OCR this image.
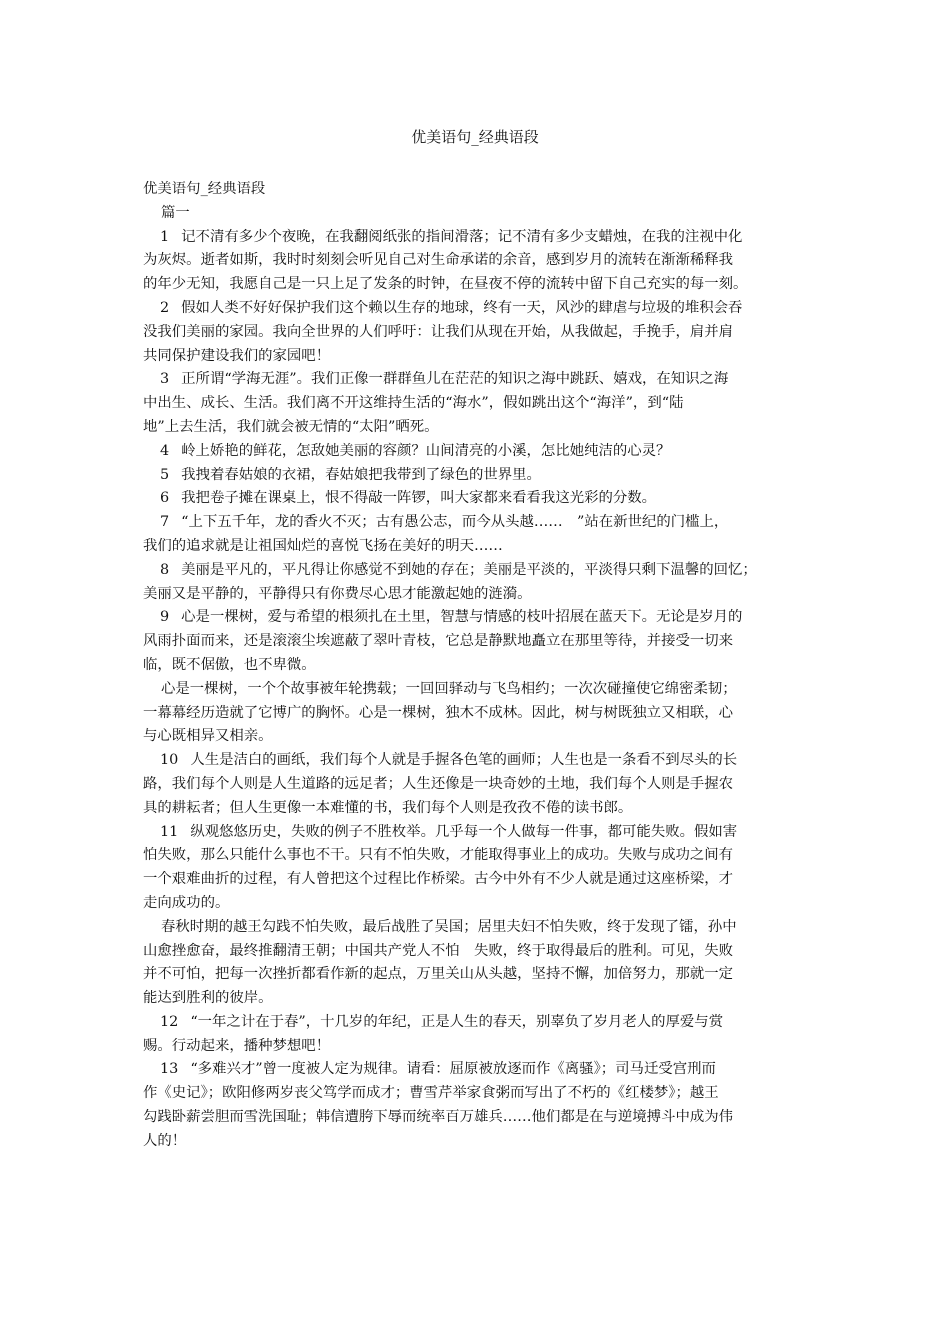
优美语句_经典语段
优美语句_经典语段
篇一
1 记不清有多少个夜晚，在我翻阅纸张的指间滑落；记不清有多少支蜡烛，在我的注视中化
为灰烬。逝者如斯，我时时刻刻会听见自己对生命承诺的余音，感到岁月的流转在渐渐稀释我
的年少无知，我愿自己是一只上足了发条的时钟，在昼夜不停的流转中留下自己充实的每一刻。
2 假如人类不好好保护我们这个赖以生存的地球，终有一天，风沙的肆虐与垃圾的堆积会吞
没我们美丽的家园。我向全世界的人们呼吁：让我们从现在开始，从我做起，手挽手，肩并肩
共同保护建设我们的家园吧！
3 正所谓“学海无涯”。我们正像一群群鱼儿在茫茫的知识之海中跳跃、嬉戏，在知识之海
中出生、成长、生活。我们离不开这维持生活的“海水”，假如跳出这个“海洋”，到“陆
地”上去生活，我们就会被无情的“太阳”晒死。
4 岭上娇艳的鲜花，怎敌她美丽的容颜？山间清亮的小溪，怎比她纯洁的心灵？
5 我拽着春姑娘的衣裙，春姑娘把我带到了绿色的世界里。
6 我把卷子摊在课桌上，恨不得敲一阵锣，叫大家都来看看我这光彩的分数。
7 “上下五千年，龙的香火不灭；古有愚公志，而今从头越……　”站在新世纪的门槛上，
我们的追求就是让祖国灿烂的喜悦飞扬在美好的明天……
8 美丽是平凡的，平凡得让你感觉不到她的存在；美丽是平淡的，平淡得只剩下温馨的回忆；
美丽又是平静的，平静得只有你费尽心思才能激起她的涟漪。
9 心是一棵树，爱与希望的根须扎在土里，智慧与情感的枝叶招展在蓝天下。无论是岁月的
风雨扑面而来，还是滚滚尘埃遮蔽了翠叶青枝，它总是静默地矗立在那里等待，并接受一切来
临，既不倨傲，也不卑微。
心是一棵树，一个个故事被年轮携载；一回回驿动与飞鸟相约；一次次碰撞使它绵密柔韧；
一幕幕经历造就了它博广的胸怀。心是一棵树，独木不成林。因此，树与树既独立又相联，心
与心既相异又相亲。
10 人生是洁白的画纸，我们每个人就是手握各色笔的画师；人生也是一条看不到尽头的长
路，我们每个人则是人生道路的远足者；人生还像是一块奇妙的土地，我们每个人则是手握农
具的耕耘者；但人生更像一本难懂的书，我们每个人则是孜孜不倦的读书郎。
11 纵观悠悠历史，失败的例子不胜枚举。几乎每一个人做每一件事，都可能失败。假如害
怕失败，那么只能什么事也不干。只有不怕失败，才能取得事业上的成功。失败与成功之间有
一个艰难曲折的过程，有人曾把这个过程比作桥梁。古今中外有不少人就是通过这座桥梁，才
走向成功的。
春秋时期的越王勾践不怕失败，最后战胜了吴国；居里夫妇不怕失败，终于发现了镭，孙中
山愈挫愈奋，最终推翻清王朝；中国共产党人不怕　失败，终于取得最后的胜利。可见，失败
并不可怕，把每一次挫折都看作新的起点，万里关山从头越，坚持不懈，加倍努力，那就一定
能达到胜利的彼岸。
12 “一年之计在于春”，十几岁的年纪，正是人生的春天，别辜负了岁月老人的厚爱与赏
赐。行动起来，播种梦想吧！
13 “多难兴才”曾一度被人定为规律。请看：屈原被放逐而作《离骚》；司马迁受宫刑而
作《史记》；欧阳修两岁丧父笃学而成才；曹雪芹举家食粥而写出了不朽的《红楼梦》；越王
勾践卧薪尝胆而雪洗国耻；韩信遭胯下辱而统率百万雄兵……他们都是在与逆境搏斗中成为伟
人的！
